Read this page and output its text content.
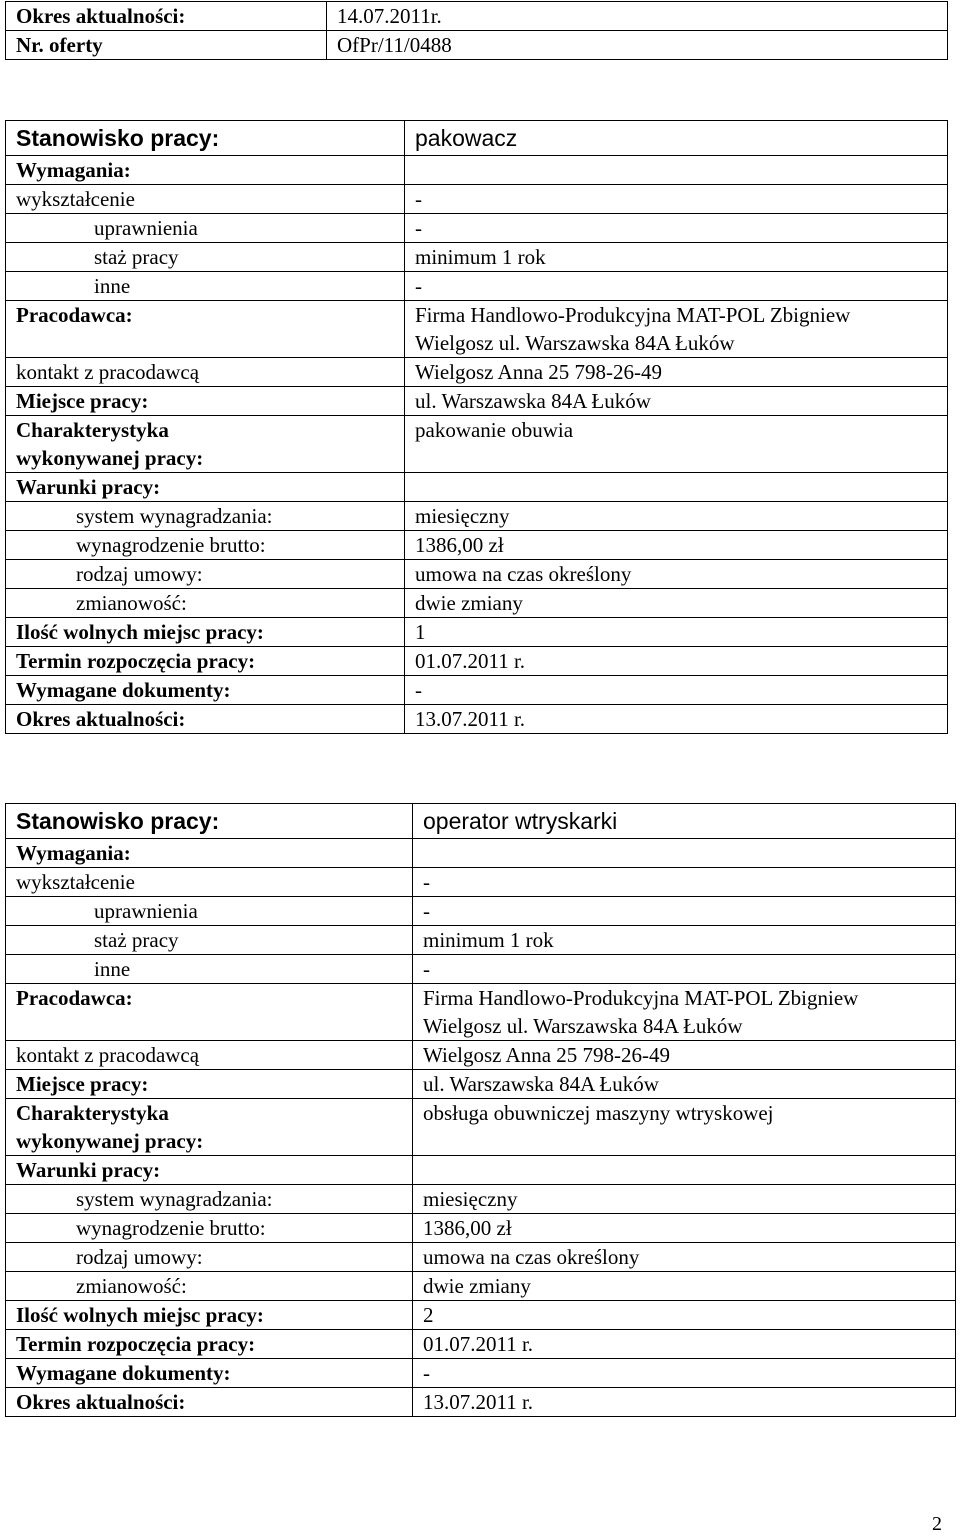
Okres aktualności:	14.07.2011r.
Nr. oferty	OfPr/11/0488
Stanowisko pracy:	pakowacz
Wymagania:	
wykształcenie	-
uprawnienia	-
staż pracy	minimum 1 rok
inne	-
Pracodawca:	Firma Handlowo-Produkcyjna MAT-POL Zbigniew
Wielgosz ul. Warszawska 84A Łuków

kontakt z pracodawcą	Wielgosz Anna 25 798-26-49
Miejsce pracy:	ul. Warszawska 84A Łuków

Charakterystyka
wykonywanej pracy:	pakowanie obuwia
Warunki pracy:	
system wynagradzania:	miesięczny
wynagrodzenie brutto:	1386,00 zł
rodzaj umowy:	umowa na czas określony
zmianowość:	dwie zmiany
Ilość wolnych miejsc pracy:	1
Termin rozpoczęcia pracy:	01.07.2011 r.
Wymagane dokumenty:	-
Okres aktualności:	13.07.2011 r.
Stanowisko pracy:	operator wtryskarki
Wymagania:	
wykształcenie	-
uprawnienia	-
staż pracy	minimum 1 rok
inne	-
Pracodawca:	Firma Handlowo-Produkcyjna MAT-POL Zbigniew
Wielgosz ul. Warszawska 84A Łuków

kontakt z pracodawcą	Wielgosz Anna 25 798-26-49
Miejsce pracy:	ul. Warszawska 84A Łuków

Charakterystyka
wykonywanej pracy:	obsługa obuwniczej maszyny wtryskowej
Warunki pracy:	
system wynagradzania:	miesięczny
wynagrodzenie brutto:	1386,00 zł
rodzaj umowy:	umowa na czas określony
zmianowość:	dwie zmiany
Ilość wolnych miejsc pracy:	2
Termin rozpoczęcia pracy:	01.07.2011 r.
Wymagane dokumenty:	-
Okres aktualności:	13.07.2011 r.
2
